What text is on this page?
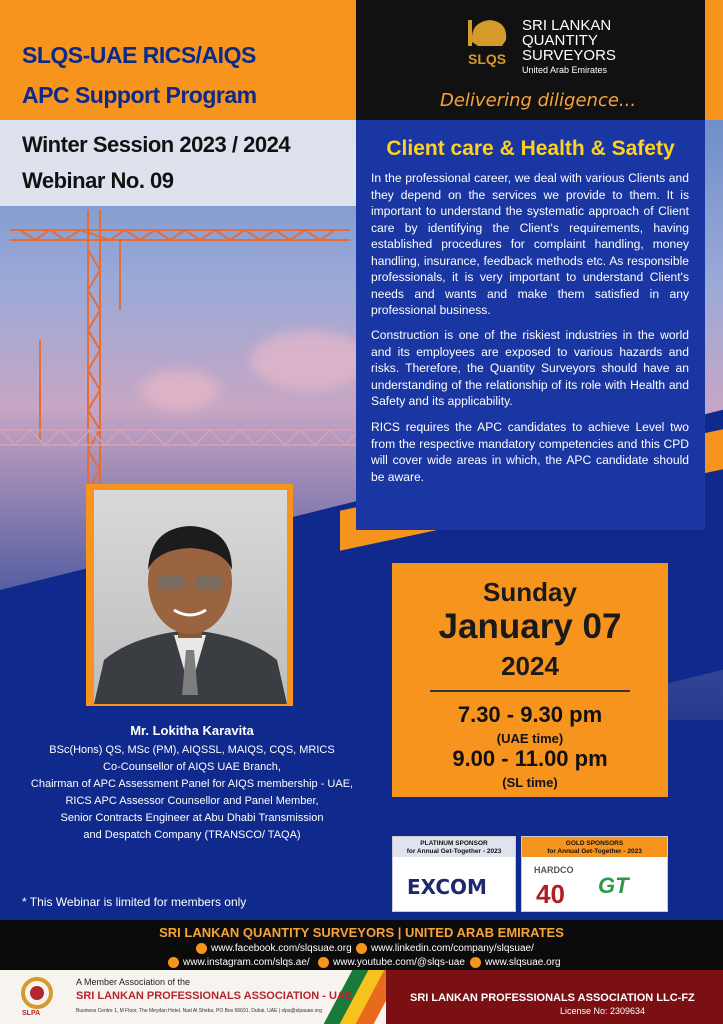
SLQS-UAE RICS/AIQS
APC Support Program
Winter Session 2023 / 2024
Webinar No. 09
SLQS
SRI LANKAN
QUANTITY
SURVEYORS
United Arab Emirates
Delivering diligence...
Client care & Health & Safety

In the professional career, we deal with various Clients and they depend on the services we provide to them. It is important to understand the systematic approach of Client care by identifying the Client's requirements, having established procedures for complaint handling, money handling, insurance, feedback methods etc. As responsible professionals, it is very important to understand Client's needs and wants and make them satisfied in any professional business.

Construction is one of the riskiest industries in the world and its employees are exposed to various hazards and risks. Therefore, the Quantity Surveyors should have an understanding of the relationship of its role with Health and Safety and its applicability.

RICS requires the APC candidates to achieve Level two from the respective mandatory competencies and this CPD will cover wide areas in which, the APC candidate should be aware.

Mr. Lokitha Karavita
BSc(Hons) QS, MSc (PM), AIQSSL, MAIQS, CQS, MRICS
Co-Counsellor of AIQS UAE Branch,
Chairman of APC Assessment Panel for AIQS membership - UAE,
RICS APC Assessor Counsellor and Panel Member,
Senior Contracts Engineer at Abu Dhabi Transmission
and Despatch Company (TRANSCO/ TAQA)
Sunday
January 07
2024
7.30 - 9.30 pm
(UAE time)
9.00 - 11.00 pm
(SL time)
* This Webinar is limited for members only
PLATINUM SPONSOR
for Annual Get-Together - 2023
EXCOM
GOLD SPONSORS
for Annual Get-Together - 2023
HARDCO
40 GT
SRI LANKAN QUANTITY SURVEYORS | UNITED ARAB EMIRATES
www.facebook.com/slqsuae.org	www.linkedin.com/company/slqsuae/
www.instagram.com/slqs.ae/	www.youtube.com/@slqs-uae	www.slqsuae.org
SLPA
A Member Association of the
SRI LANKAN PROFESSIONALS ASSOCIATION - UAE
Business Centre 1, M Floor, The Meydan Hotel, Nad Al Sheba, PO Box 66691, Dubai, UAE | slpa@slpauae.org
SRI LANKAN PROFESSIONALS ASSOCIATION LLC-FZ
License No: 2309634
